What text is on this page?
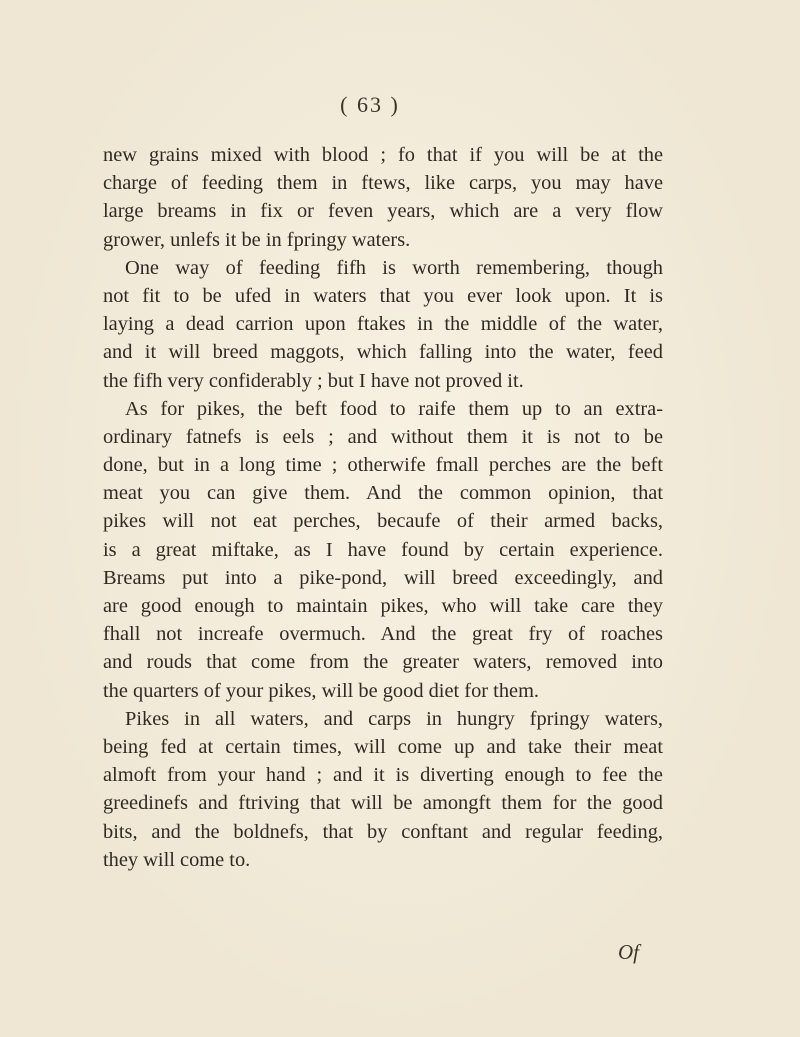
( 63 )
new grains mixed with blood ; fo that if you will be at the
charge of feeding them in ftews, like carps, you may have
large breams in fix or feven years, which are a very flow
grower, unlefs it be in fpringy waters.
One way of feeding fifh is worth remembering, though
not fit to be ufed in waters that you ever look upon. It is
laying a dead carrion upon ftakes in the middle of the water,
and it will breed maggots, which falling into the water, feed
the fifh very confiderably ; but I have not proved it.
As for pikes, the beft food to raife them up to an extra-
ordinary fatnefs is eels ; and without them it is not to be
done, but in a long time ; otherwife fmall perches are the beft
meat you can give them. And the common opinion, that
pikes will not eat perches, becaufe of their armed backs,
is a great miftake, as I have found by certain experience.
Breams put into a pike-pond, will breed exceedingly, and
are good enough to maintain pikes, who will take care they
fhall not increafe overmuch. And the great fry of roaches
and rouds that come from the greater waters, removed into
the quarters of your pikes, will be good diet for them.
Pikes in all waters, and carps in hungry fpringy waters,
being fed at certain times, will come up and take their meat
almoft from your hand ; and it is diverting enough to fee the
greedinefs and ftriving that will be amongft them for the good
bits, and the boldnefs, that by conftant and regular feeding,
they will come to.
Of
